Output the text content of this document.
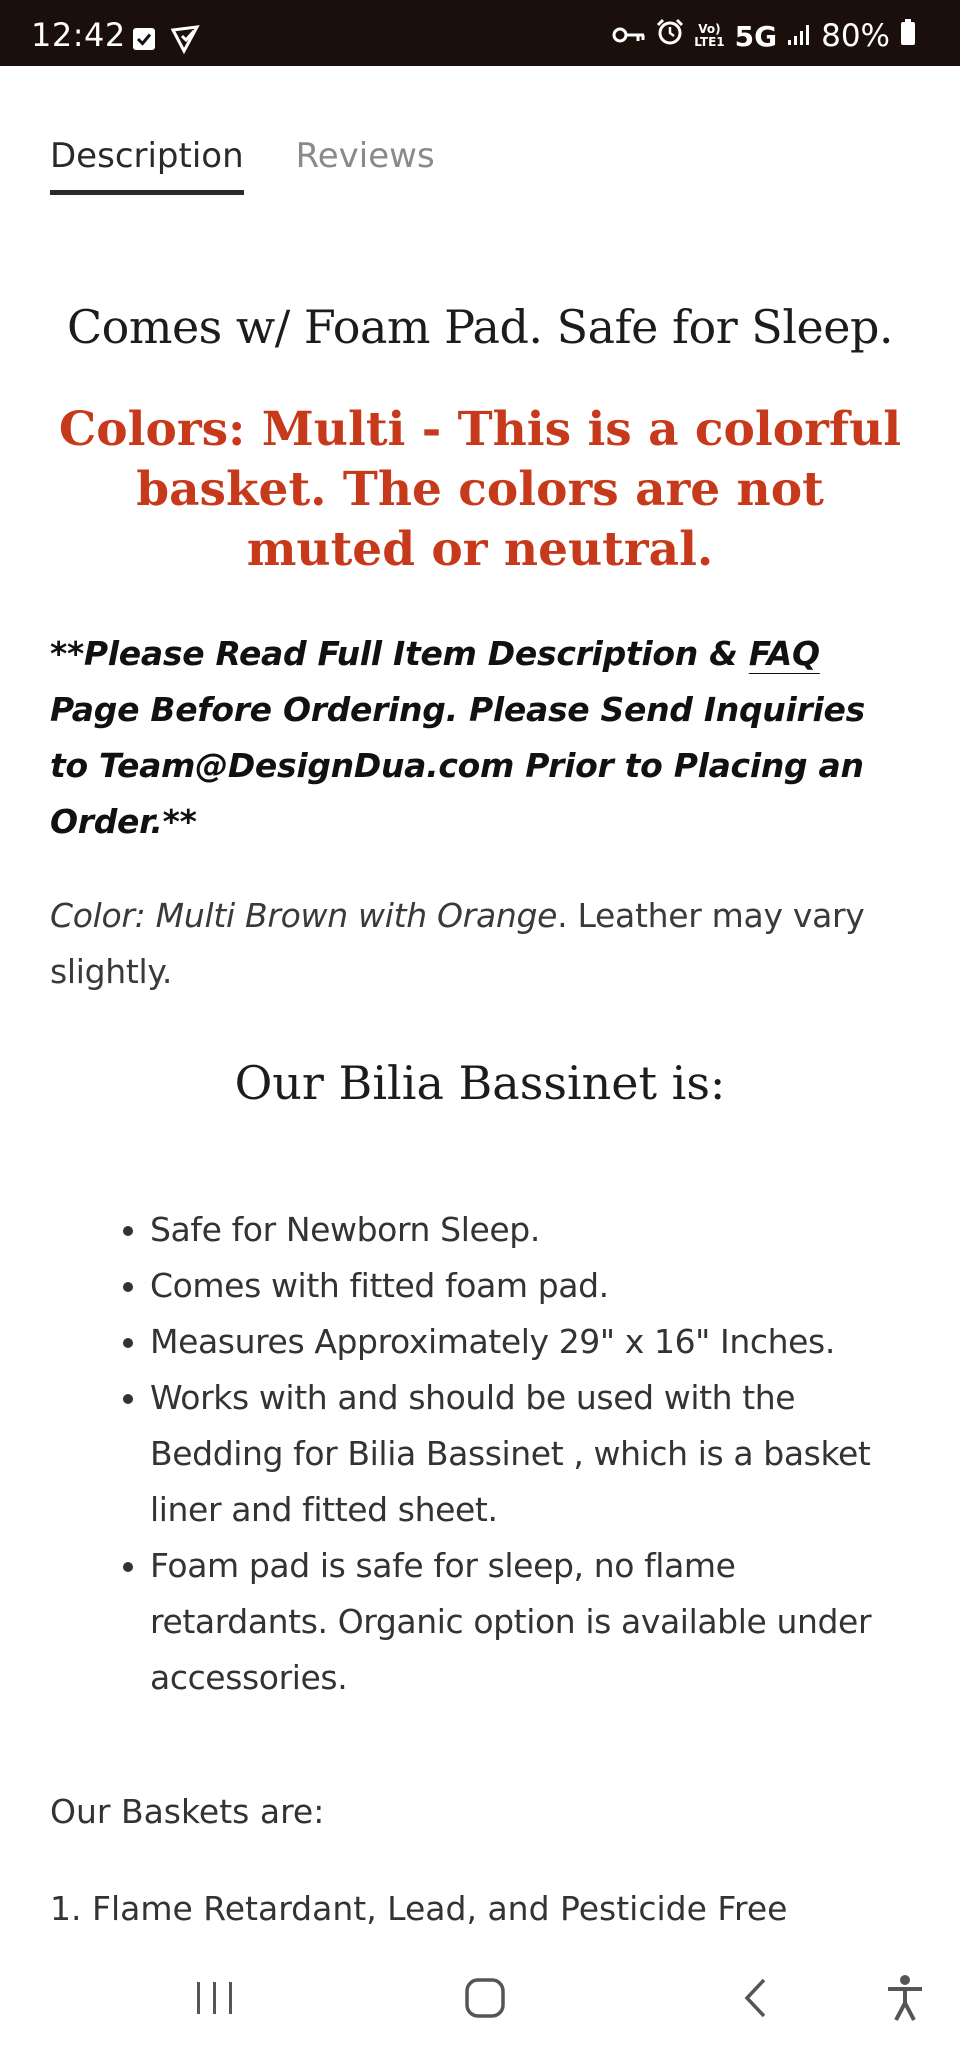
12:42	Vo)
LTE1 5G 80%
Description Reviews
Comes w/ Foam Pad. Safe for Sleep.
Colors: Multi - This is a colorful basket. The colors are not muted or neutral.

**Please Read Full Item Description & FAQ Page Before Ordering. Please Send Inquiries to Team@DesignDua.com Prior to Placing an Order.**

Color: Multi Brown with Orange. Leather may vary slightly.

Our Bilia Bassinet is:
• Safe for Newborn Sleep.
• Comes with fitted foam pad.
• Measures Approximately 29" x 16" Inches.
• Works with and should be used with the Bedding for Bilia Bassinet , which is a basket liner and fitted sheet.
• Foam pad is safe for sleep, no flame retardants. Organic option is available under accessories.
Our Baskets are:
1. Flame Retardant, Lead, and Pesticide Free
